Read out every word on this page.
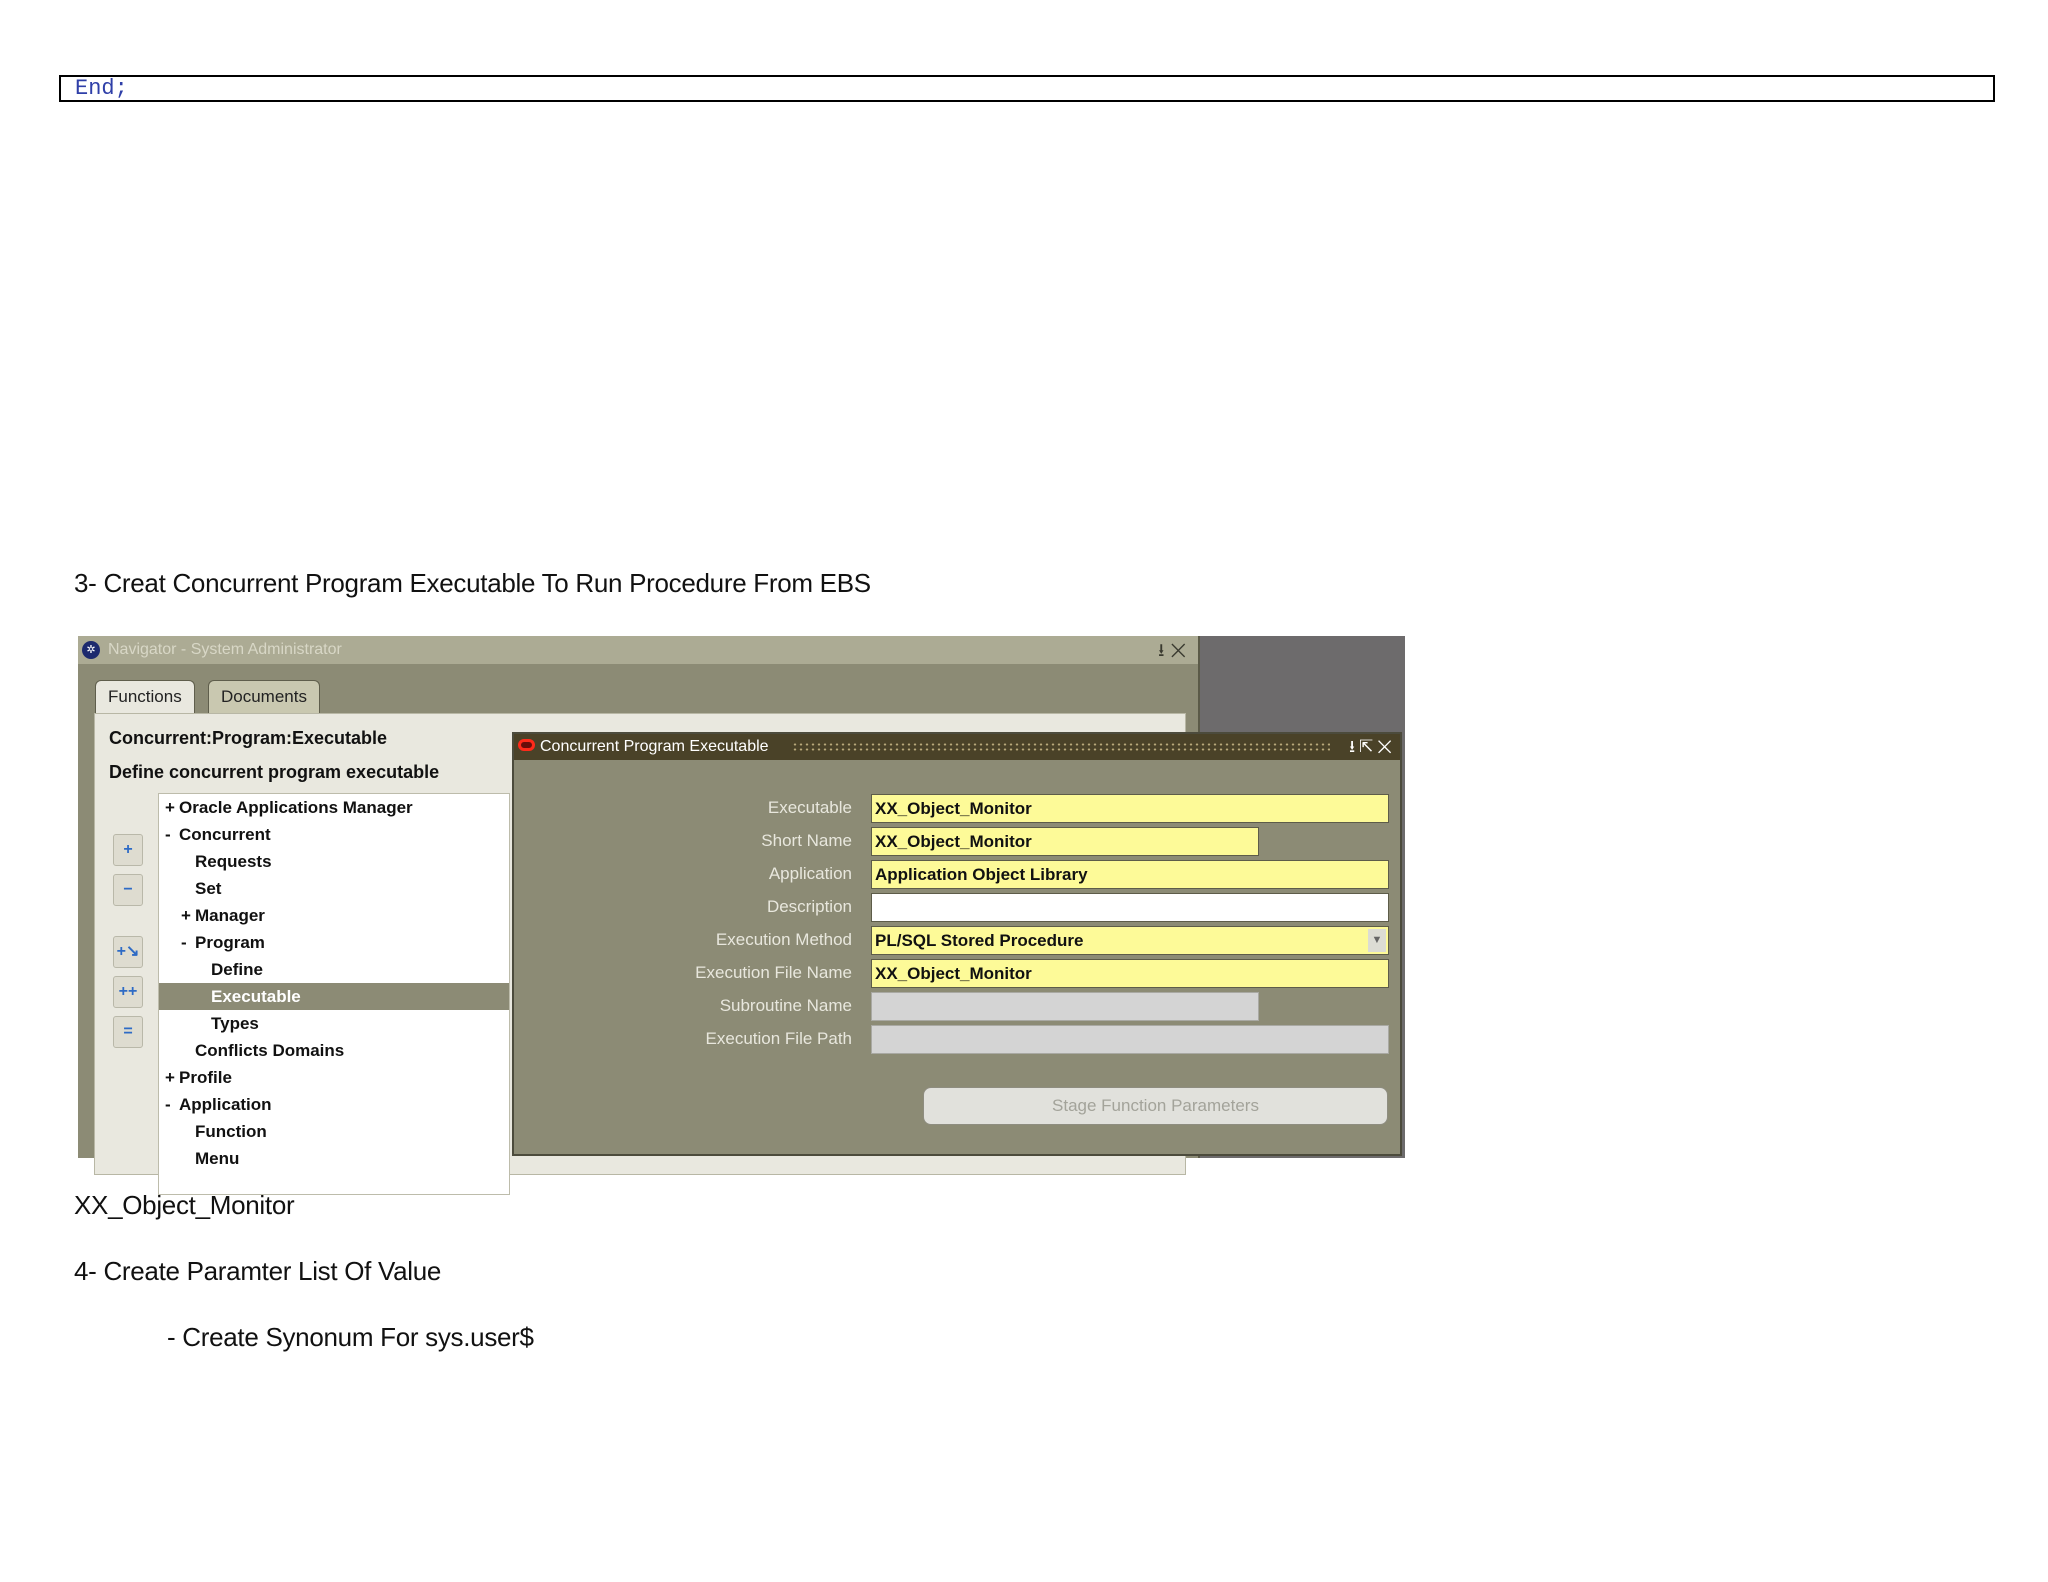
End;
3- Creat Concurrent Program Executable To Run Procedure From EBS
✲ Navigator - System Administrator	⭳✕
Functions	Documents
Concurrent:Program:Executable
Define concurrent program executable
+
−
+↘
++
=
+ Oracle Applications Manager
- Concurrent
Requests
Set
+ Manager
- Program
Define
Executable
Types
Conflicts Domains
+ Profile
- Application
Function
Menu
Concurrent Program Executable	⭳⇱✕
Executable XX_Object_Monitor
Short Name XX_Object_Monitor
Application Application Object Library
Description
Execution Method PL/SQL Stored Procedure	▼
Execution File Name XX_Object_Monitor
Subroutine Name
Execution File Path
Stage Function Parameters
XX_Object_Monitor
4- Create Paramter List Of Value
- Create Synonum For sys.user$
